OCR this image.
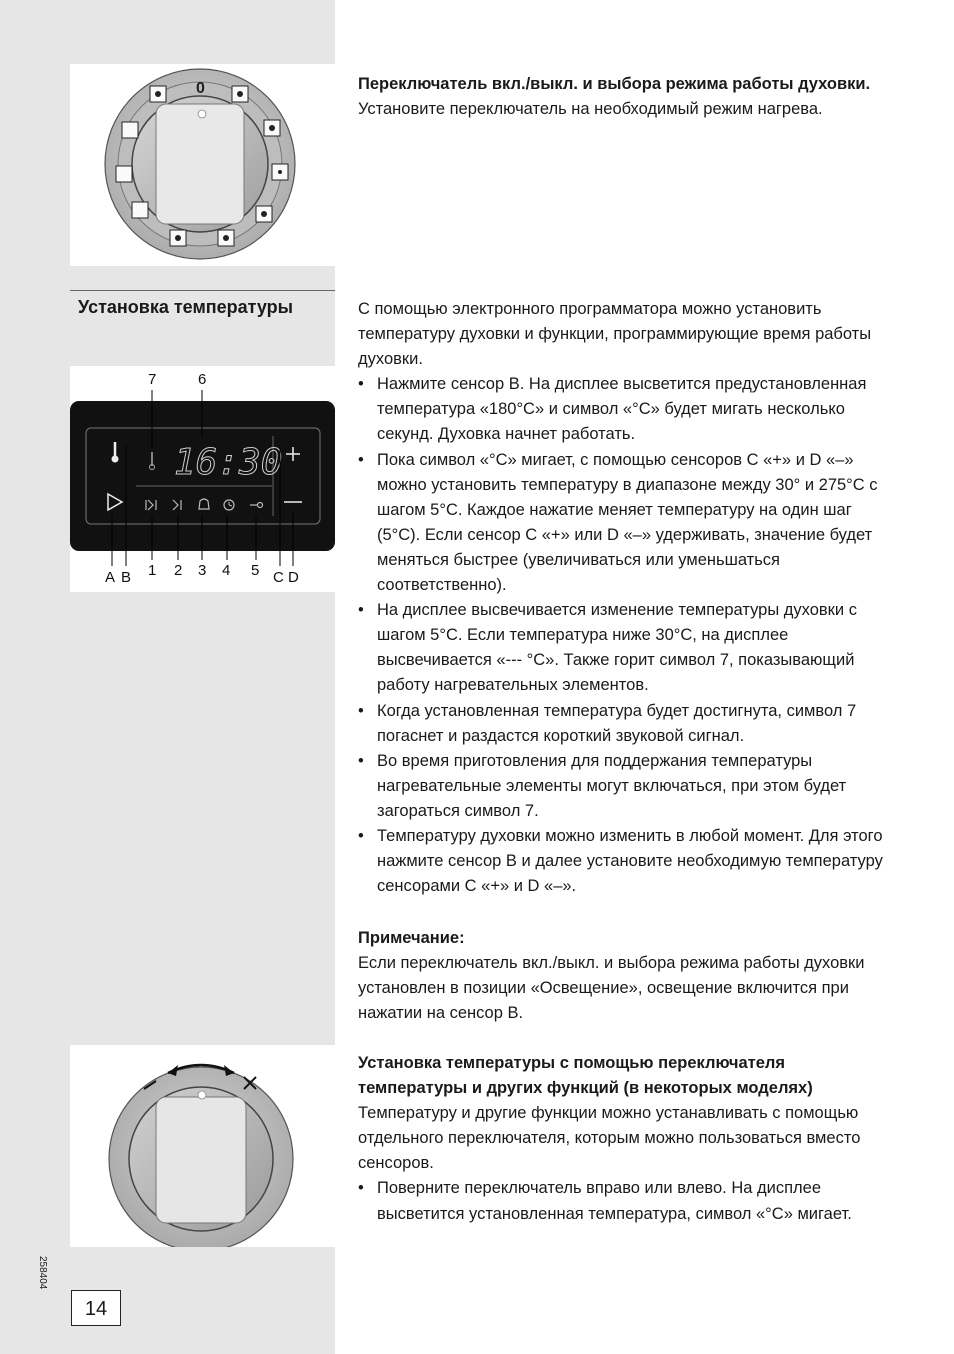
0	Переключатель вкл./выкл. и выбора режима работы духовки. Установите переключатель на необходимый режим нагрева.

Установка температуры
16:30
7	6
A B 1 2 3 4 5 C D

С помощью электронного программатора можно установить температуру духовки и функции, программирующие время работы духовки.

• Нажмите сенсор B. На дисплее высветится предустановленная температура «180°C» и символ «°C» будет мигать несколько секунд. Духовка начнет работать.
• Пока символ «°C» мигает, с помощью сенсоров C «+» и D «–» можно установить температуру в диапазоне между 30° и 275°C с шагом 5°C. Каждое нажатие меняет температуру на один шаг (5°C). Если сенсор C «+» или D «–» удерживать, значение будет меняться быстрее (увеличиваться или уменьшаться соответственно).
• На дисплее высвечивается изменение температуры духовки с шагом 5°C. Если температура ниже 30°C, на дисплее высвечивается «--- °C». Также горит символ 7, показывающий работу нагревательных элементов.
• Когда установленная температура будет достигнута, символ 7 погаснет и раздастся короткий звуковой сигнал.
• Во время приготовления для поддержания температуры нагревательные элементы могут включаться, при этом будет загораться символ 7.
• Температуру духовки можно изменить в любой момент. Для этого нажмите сенсор B и далее установите необходимую температуру сенсорами C «+» и D «–».

Примечание:

Если переключатель вкл./выкл. и выбора режима работы духовки установлен в позиции «Освещение», освещение включится при нажатии на сенсор B.

Установка температуры с помощью переключателя температуры и других функций (в некоторых моделях)

Температуру и другие функции можно устанавливать с помощью отдельного переключателя, которым можно пользоваться вместо сенсоров.

• Поверните переключатель вправо или влево. На дисплее высветится установленная температура, символ «°C» мигает.
258404
14
